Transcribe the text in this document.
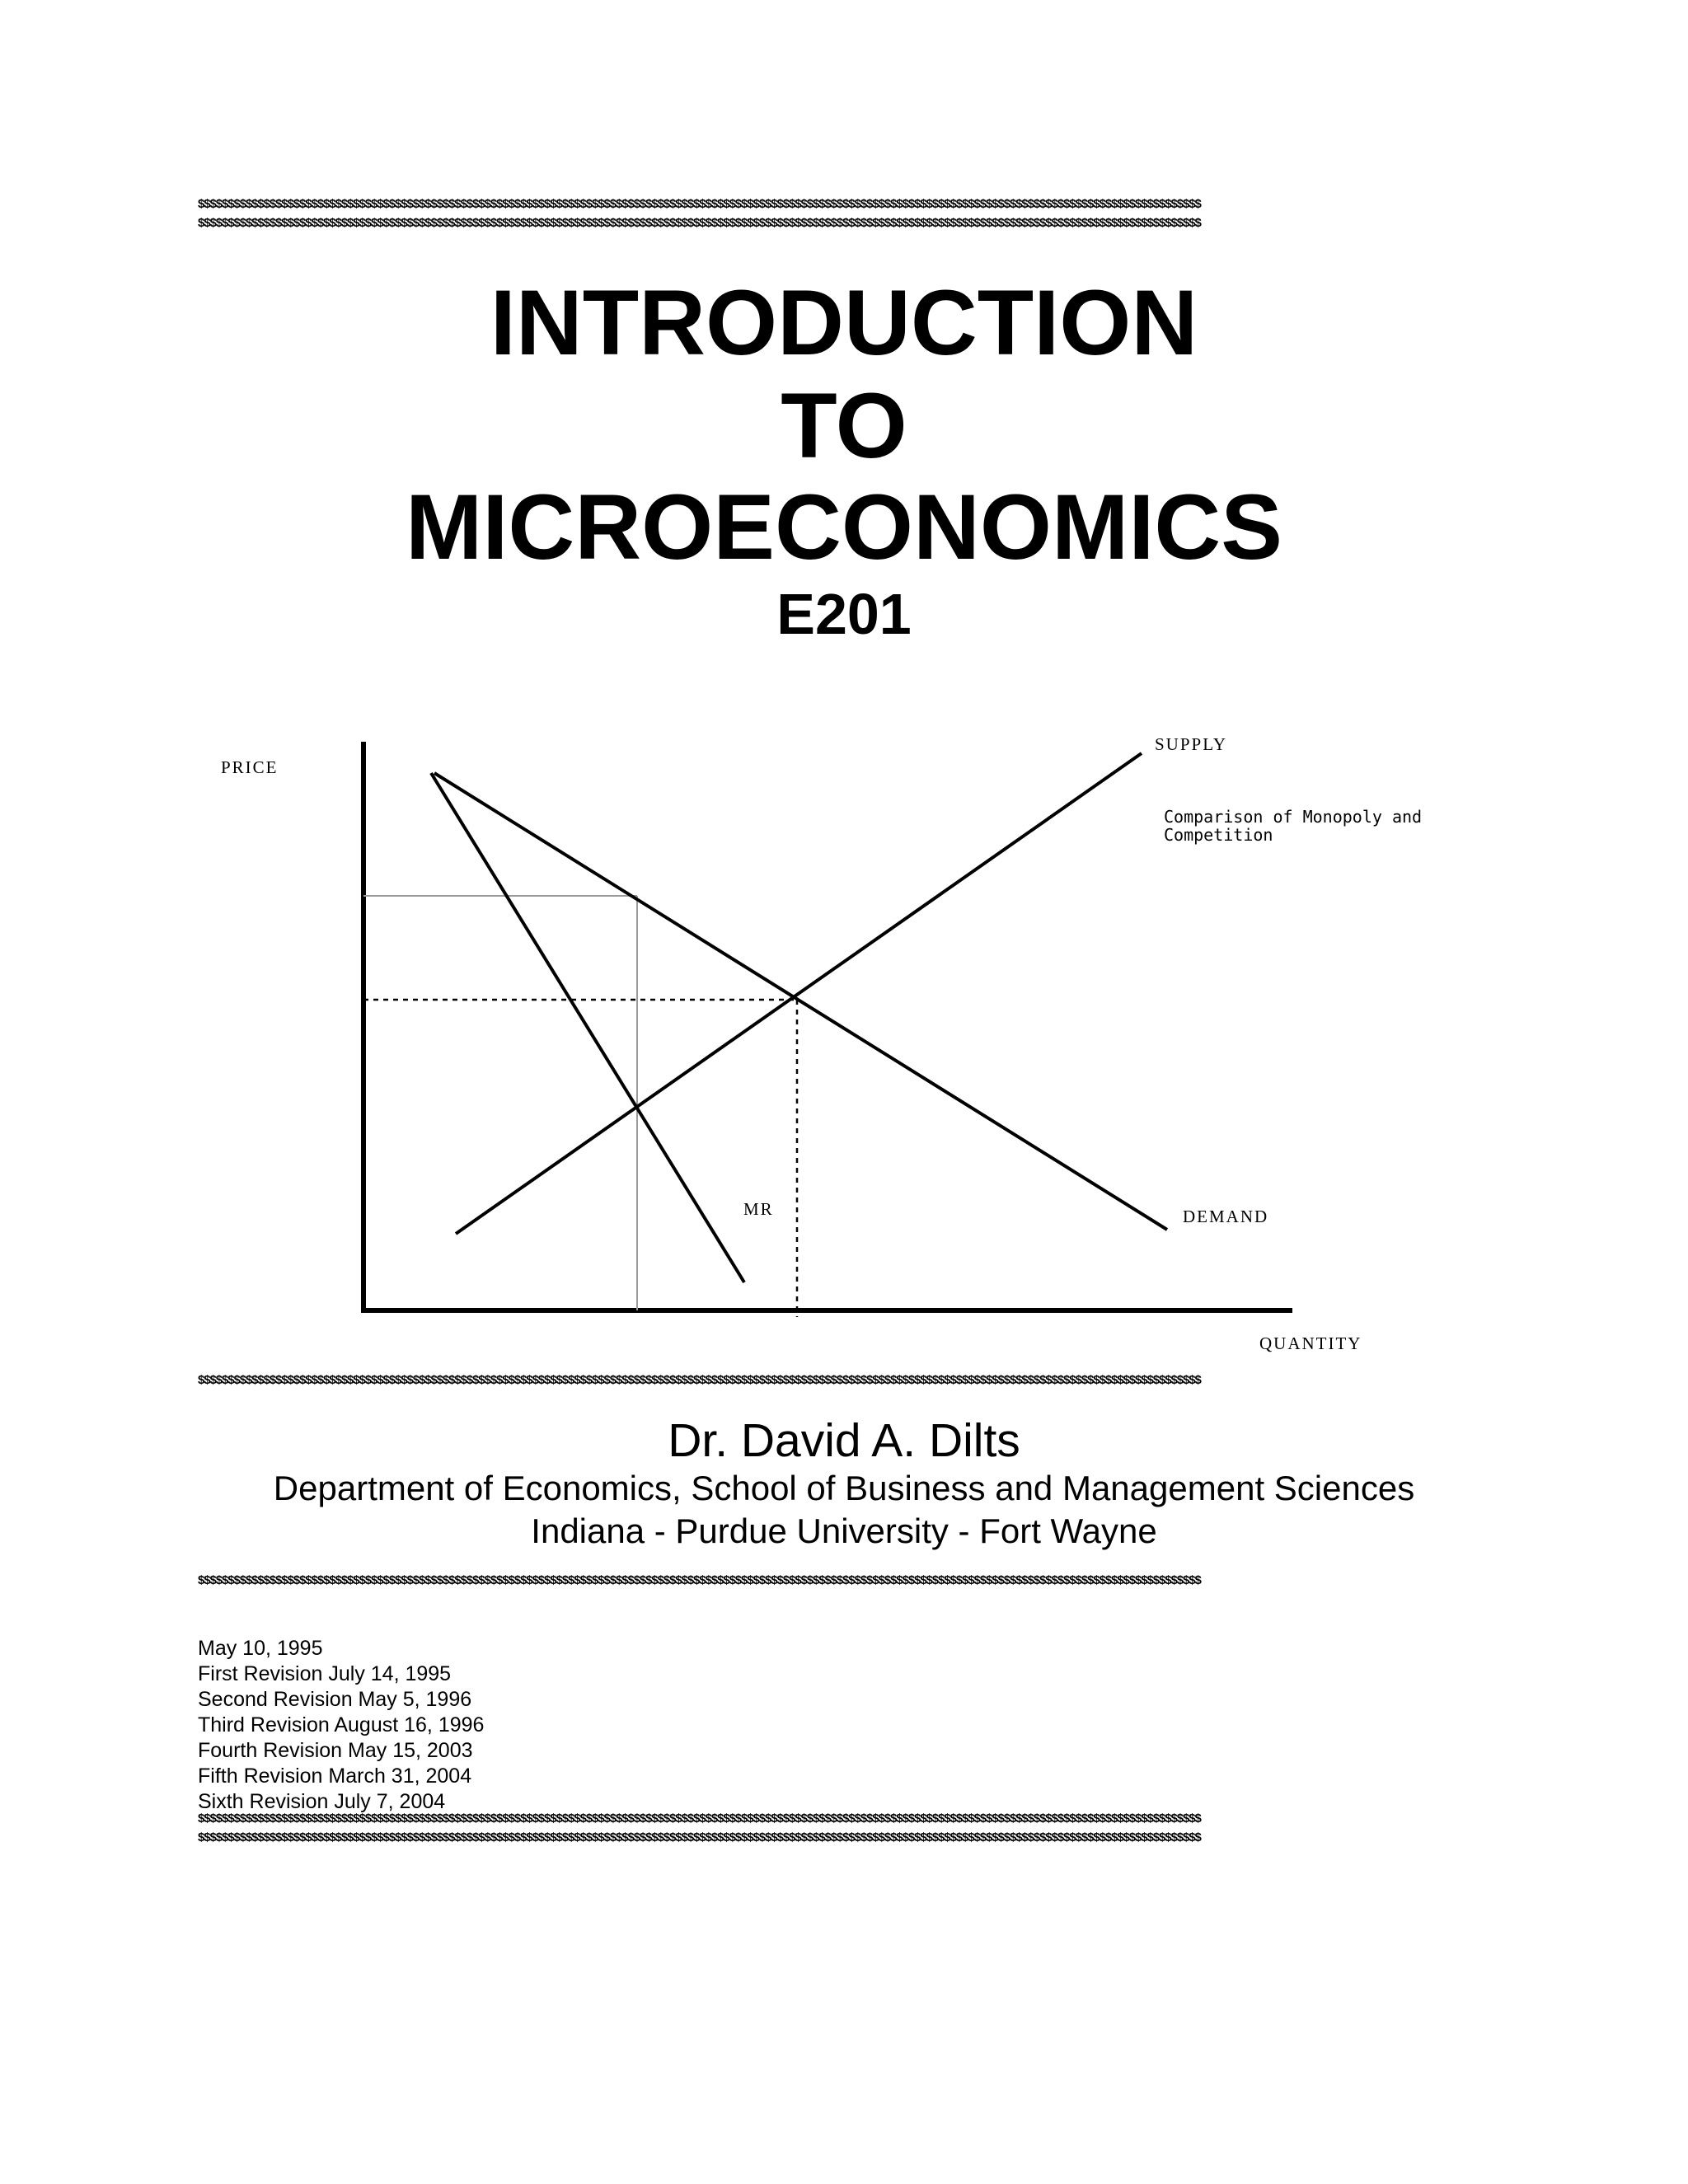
$$$$$$$$$$$$$$$$$$$$$$$$$$$$$$$$$$$$$$$$$$$$$$$$$$$$$$$$$$$$$$$$$$$$$$$$$$$$$$$$$$$$$$$$$$$$$$$$$$$$$$$$$$$$$$$$$$$$$$$$$$$$$$$$$$$$$$$$$$$$$$$$$$$$$$$$$$$$$$$$$$$$$$$$
$$$$$$$$$$$$$$$$$$$$$$$$$$$$$$$$$$$$$$$$$$$$$$$$$$$$$$$$$$$$$$$$$$$$$$$$$$$$$$$$$$$$$$$$$$$$$$$$$$$$$$$$$$$$$$$$$$$$$$$$$$$$$$$$$$$$$$$$$$$$$$$$$$$$$$$$$$$$$$$$$$$$$$$$
INTRODUCTION
TO
MICROECONOMICS
E201
PRICE
SUPPLY
DEMAND
MR
QUANTITY
Comparison of Monopoly and
Competition
$$$$$$$$$$$$$$$$$$$$$$$$$$$$$$$$$$$$$$$$$$$$$$$$$$$$$$$$$$$$$$$$$$$$$$$$$$$$$$$$$$$$$$$$$$$$$$$$$$$$$$$$$$$$$$$$$$$$$$$$$$$$$$$$$$$$$$$$$$$$$$$$$$$$$$$$$$$$$$$$$$$$$$$$
Dr. David A. Dilts
Department of Economics, School of Business and Management Sciences
Indiana - Purdue University - Fort Wayne
$$$$$$$$$$$$$$$$$$$$$$$$$$$$$$$$$$$$$$$$$$$$$$$$$$$$$$$$$$$$$$$$$$$$$$$$$$$$$$$$$$$$$$$$$$$$$$$$$$$$$$$$$$$$$$$$$$$$$$$$$$$$$$$$$$$$$$$$$$$$$$$$$$$$$$$$$$$$$$$$$$$$$$$$
May 10, 1995
First Revision July 14, 1995
Second Revision May 5, 1996
Third Revision August 16, 1996
Fourth Revision May 15, 2003
Fifth Revision March 31, 2004
Sixth Revision July 7, 2004
$$$$$$$$$$$$$$$$$$$$$$$$$$$$$$$$$$$$$$$$$$$$$$$$$$$$$$$$$$$$$$$$$$$$$$$$$$$$$$$$$$$$$$$$$$$$$$$$$$$$$$$$$$$$$$$$$$$$$$$$$$$$$$$$$$$$$$$$$$$$$$$$$$$$$$$$$$$$$$$$$$$$$$$$
$$$$$$$$$$$$$$$$$$$$$$$$$$$$$$$$$$$$$$$$$$$$$$$$$$$$$$$$$$$$$$$$$$$$$$$$$$$$$$$$$$$$$$$$$$$$$$$$$$$$$$$$$$$$$$$$$$$$$$$$$$$$$$$$$$$$$$$$$$$$$$$$$$$$$$$$$$$$$$$$$$$$$$$$
